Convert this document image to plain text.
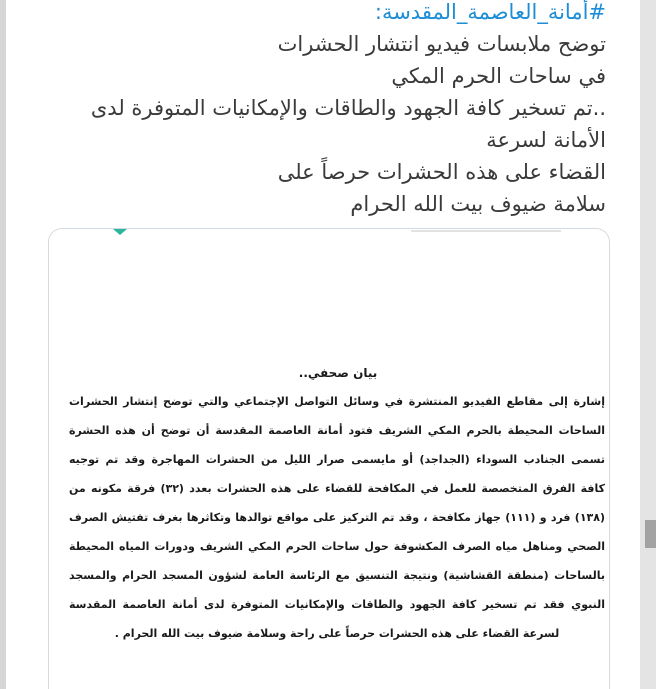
#أمانة_العاصمة_المقدسة:
توضح ملابسات فيديو انتشار الحشرات
في ساحات الحرم المكي
..تم تسخير كافة الجهود والطاقات والإمكانيات المتوفرة لدى
الأمانة لسرعة
القضاء على هذه الحشرات حرصاً على
سلامة ضيوف بيت الله الحرام
بيان صحفي..
إشارة إلى مقاطع الفيديو المنتشرة في وسائل التواصل الإجتماعي والتي توضح إنتشار الحشرات
الساحات المحيطة بالحرم المكي الشريف فتود أمانة العاصمة المقدسة أن توضح أن هذه الحشرة
تسمى الجنادب السوداء (الجداجد) أو مايسمى صرار الليل من الحشرات المهاجرة وقد تم توجيه
كافة الفرق المتخصصة للعمل في المكافحة للقضاء على هذه الحشرات بعدد (٣٢) فرقة مكونه من
(١٣٨) فرد و (١١١) جهاز مكافحة ، وقد تم التركيز على مواقع توالدها وتكاثرها بغرف تفتيش الصرف
الصحي ومناهل مياه الصرف المكشوفة حول ساحات الحرم المكي الشريف ودورات المياه المحيطة
بالساحات (منطقة القشاشية) ونتيجة التنسيق مع الرئاسة العامة لشؤون المسجد الحرام والمسجد
النبوي فقد تم تسخير كافة الجهود والطاقات والإمكانيات المتوفرة لدى أمانة العاصمة المقدسة
لسرعة القضاء على هذه الحشرات حرصاً على راحة وسلامة ضيوف بيت الله الحرام .
